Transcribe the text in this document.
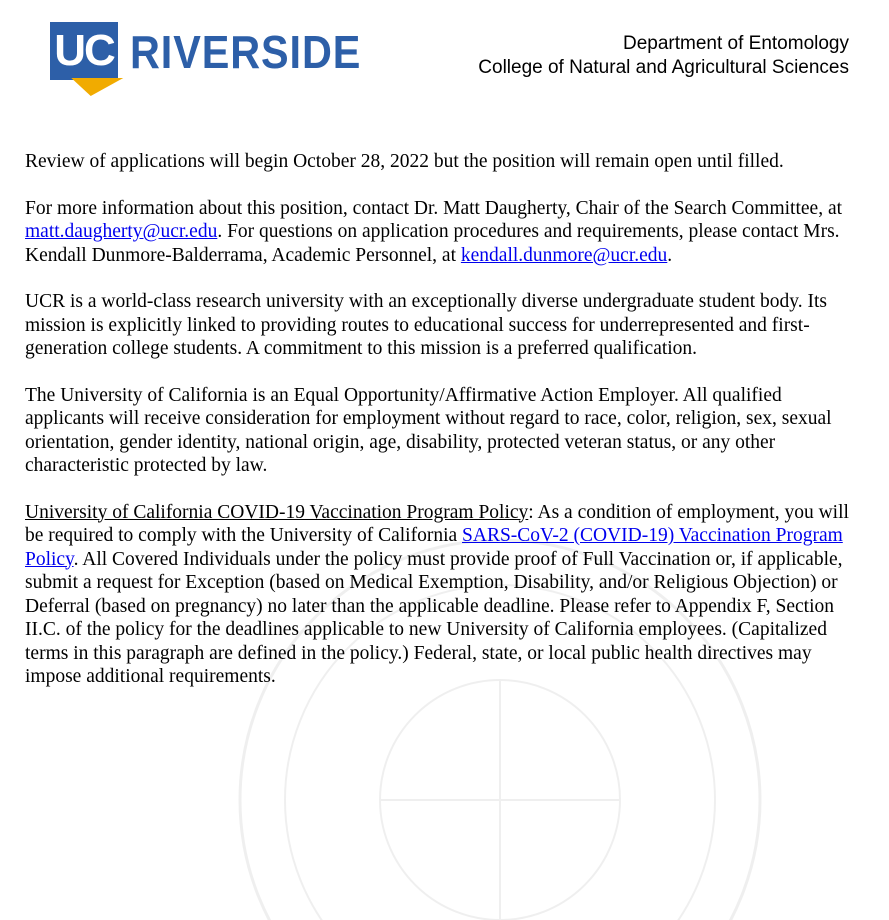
UC RIVERSIDE	Department of Entomology
College of Natural and Agricultural Sciences

Review of applications will begin October 28, 2022 but the position will remain open until filled.

For more information about this position, contact Dr. Matt Daugherty, Chair of the Search Committee, at matt.daugherty@ucr.edu. For questions on application procedures and requirements, please contact Mrs. Kendall Dunmore-Balderrama, Academic Personnel, at kendall.dunmore@ucr.edu.

UCR is a world-class research university with an exceptionally diverse undergraduate student body. Its mission is explicitly linked to providing routes to educational success for underrepresented and first-generation college students. A commitment to this mission is a preferred qualification.

The University of California is an Equal Opportunity/Affirmative Action Employer. All qualified applicants will receive consideration for employment without regard to race, color, religion, sex, sexual orientation, gender identity, national origin, age, disability, protected veteran status, or any other characteristic protected by law.

University of California COVID-19 Vaccination Program Policy: As a condition of employment, you will be required to comply with the University of California SARS-CoV-2 (COVID-19) Vaccination Program Policy. All Covered Individuals under the policy must provide proof of Full Vaccination or, if applicable, submit a request for Exception (based on Medical Exemption, Disability, and/or Religious Objection) or Deferral (based on pregnancy) no later than the applicable deadline. Please refer to Appendix F, Section II.C. of the policy for the deadlines applicable to new University of California employees. (Capitalized terms in this paragraph are defined in the policy.) Federal, state, or local public health directives may impose additional requirements.
